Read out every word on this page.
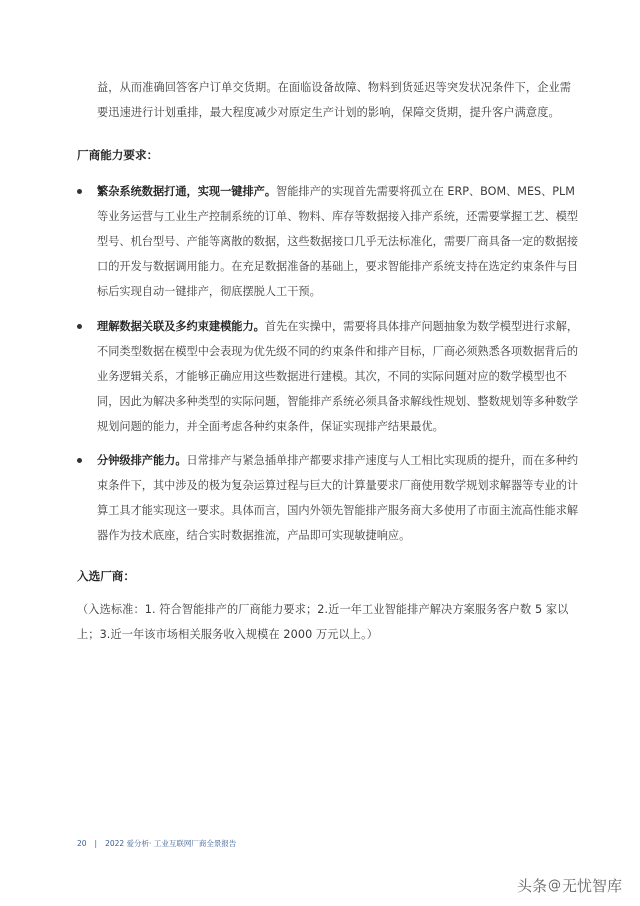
益，从而准确回答客户订单交货期。在面临设备故障、物料到货延迟等突发状况条件下，企业需要迅速进行计划重排，最大程度减少对原定生产计划的影响，保障交货期，提升客户满意度。

厂商能力要求：
繁杂系统数据打通，实现一键排产。智能排产的实现首先需要将孤立在 ERP、BOM、MES、PLM 等业务运营与工业生产控制系统的订单、物料、库存等数据接入排产系统，还需要掌握工艺、模型型号、机台型号、产能等离散的数据，这些数据接口几乎无法标准化，需要厂商具备一定的数据接口的开发与数据调用能力。在充足数据准备的基础上，要求智能排产系统支持在选定约束条件与目标后实现自动一键排产，彻底摆脱人工干预。
理解数据关联及多约束建模能力。首先在实操中，需要将具体排产问题抽象为数学模型进行求解，不同类型数据在模型中会表现为优先级不同的约束条件和排产目标，厂商必须熟悉各项数据背后的业务逻辑关系，才能够正确应用这些数据进行建模。其次，不同的实际问题对应的数学模型也不同，因此为解决多种类型的实际问题，智能排产系统必须具备求解线性规划、整数规划等多种数学规划问题的能力，并全面考虑各种约束条件，保证实现排产结果最优。
分钟级排产能力。日常排产与紧急插单排产都要求排产速度与人工相比实现质的提升，而在多种约束条件下，其中涉及的极为复杂运算过程与巨大的计算量要求厂商使用数学规划求解器等专业的计算工具才能实现这一要求。具体而言，国内外领先智能排产服务商大多使用了市面主流高性能求解器作为技术底座，结合实时数据推流，产品即可实现敏捷响应。
入选厂商：

（入选标准：1. 符合智能排产的厂商能力要求；2.近一年工业智能排产解决方案服务客户数 5 家以上；3.近一年该市场相关服务收入规模在 2000 万元以上。）

20 | 2022 爱分析· 工业互联网厂商全景报告
头条 @ 无忧智库
